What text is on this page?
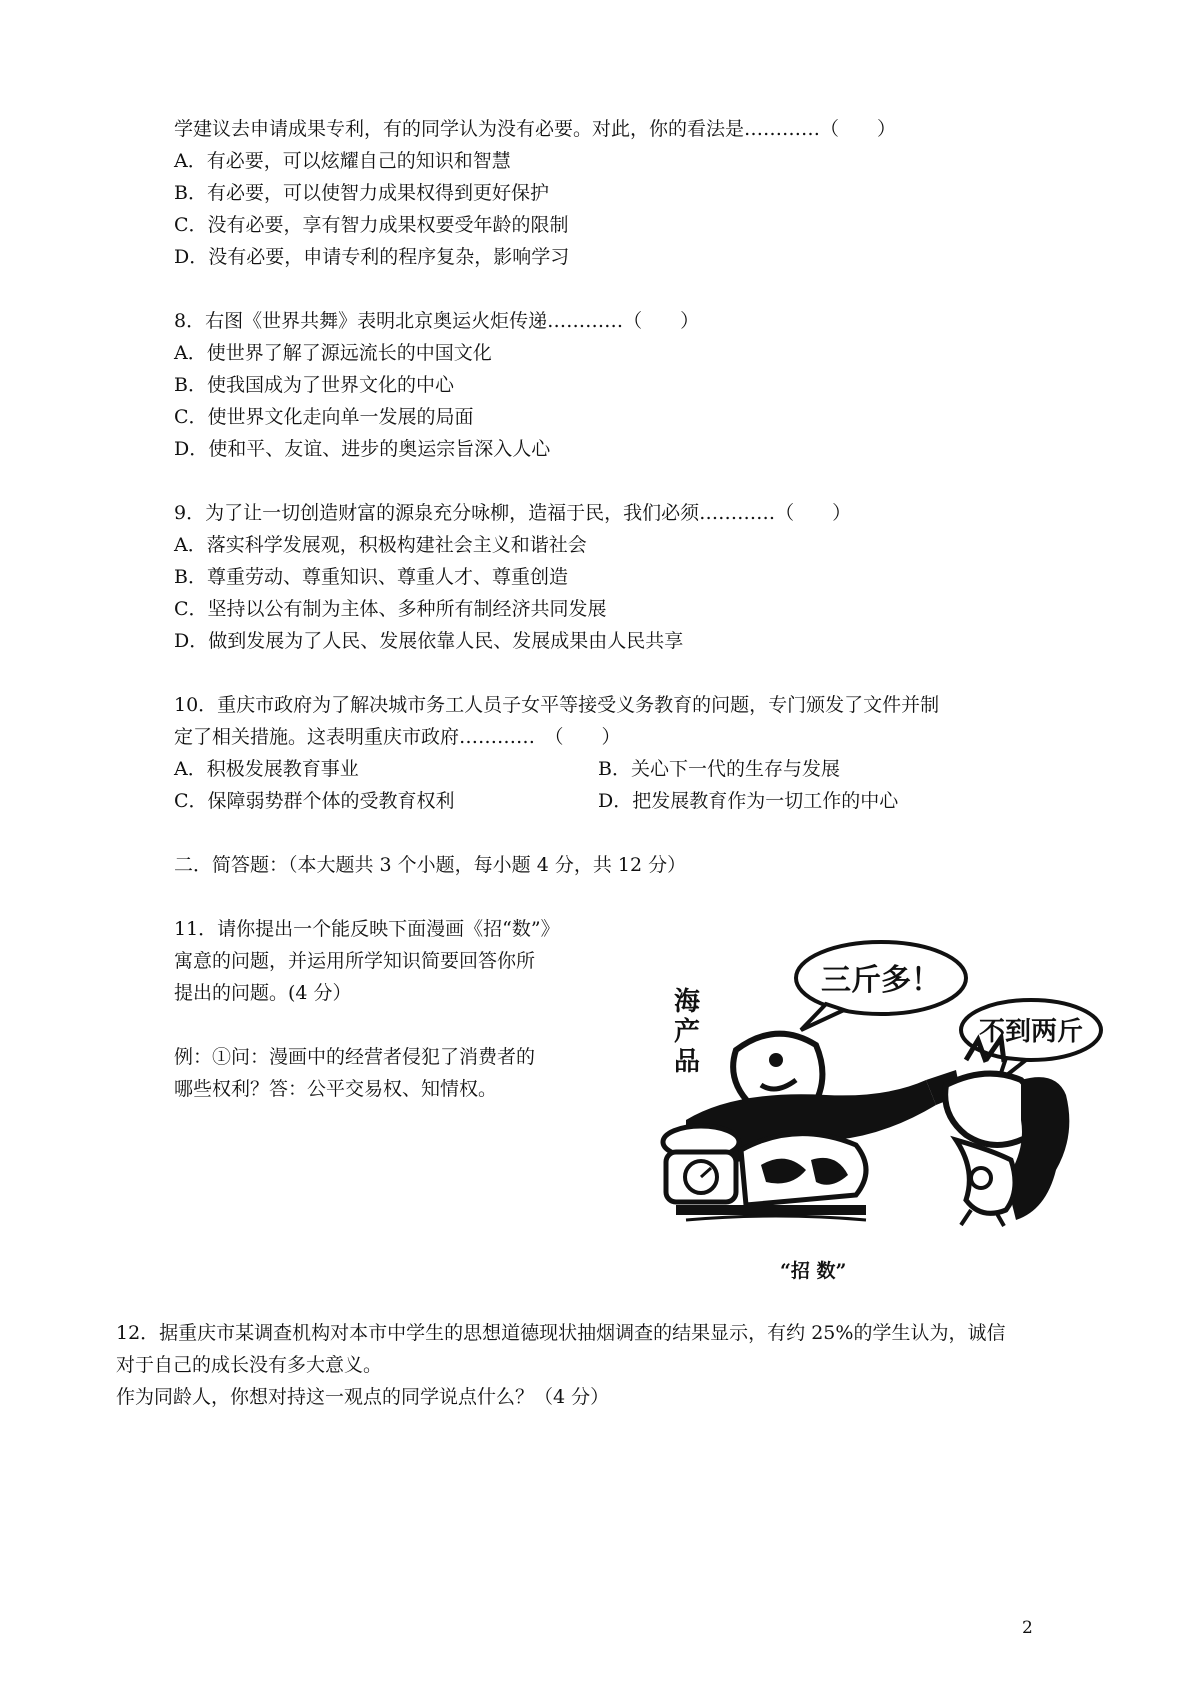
学建议去申请成果专利，有的同学认为没有必要。对此，你的看法是…………（　　）
A．有必要，可以炫耀自己的知识和智慧
B．有必要，可以使智力成果权得到更好保护
C．没有必要，享有智力成果权要受年龄的限制
D．没有必要，申请专利的程序复杂，影响学习
8．右图《世界共舞》表明北京奥运火炬传递…………（　　）
A．使世界了解了源远流长的中国文化
B．使我国成为了世界文化的中心
C．使世界文化走向单一发展的局面
D．使和平、友谊、进步的奥运宗旨深入人心
9．为了让一切创造财富的源泉充分咏柳，造福于民，我们必须…………（　　）
A．落实科学发展观，积极构建社会主义和谐社会
B．尊重劳动、尊重知识、尊重人才、尊重创造
C．坚持以公有制为主体、多种所有制经济共同发展
D．做到发展为了人民、发展依靠人民、发展成果由人民共享
10．重庆市政府为了解决城市务工人员子女平等接受义务教育的问题，专门颁发了文件并制
定了相关措施。这表明重庆市政府…………　（　　）
A．积极发展教育事业	B．关心下一代的生存与发展
C．保障弱势群个体的受教育权利	D．把发展教育作为一切工作的中心
二．简答题：（本大题共 3 个小题，每小题 4 分，共 12 分）
11．请你提出一个能反映下面漫画《招“数”》
寓意的问题，并运用所学知识简要回答你所
提出的问题。(4 分）
例：①问：漫画中的经营者侵犯了消费者的
哪些权利？答：公平交易权、知情权。
海
产
品
三斤多！
不到两斤
“招 数”
12．据重庆市某调查机构对本市中学生的思想道德现状抽烟调查的结果显示，有约 25%的学生认为，诚信
对于自己的成长没有多大意义。
作为同龄人，你想对持这一观点的同学说点什么？（4 分）
2
